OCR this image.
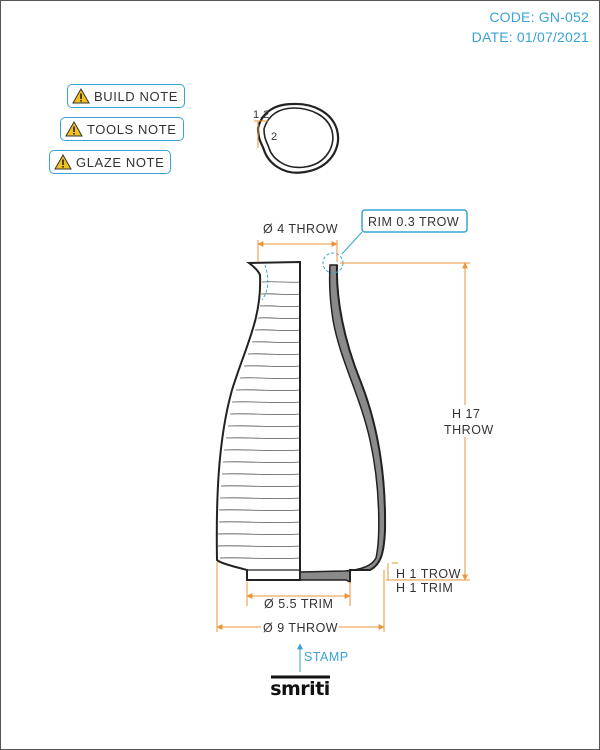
CODE: GN-052
DATE: 01/07/2021
BUILD NOTE
TOOLS NOTE
GLAZE NOTE
1.2
2
RIM 0.3 TROW
Ø 4 THROW
H 17
THROW
H 1 TROW
H 1 TRIM
Ø 5.5 TRIM
Ø 9 THROW
STAMP
smriti
